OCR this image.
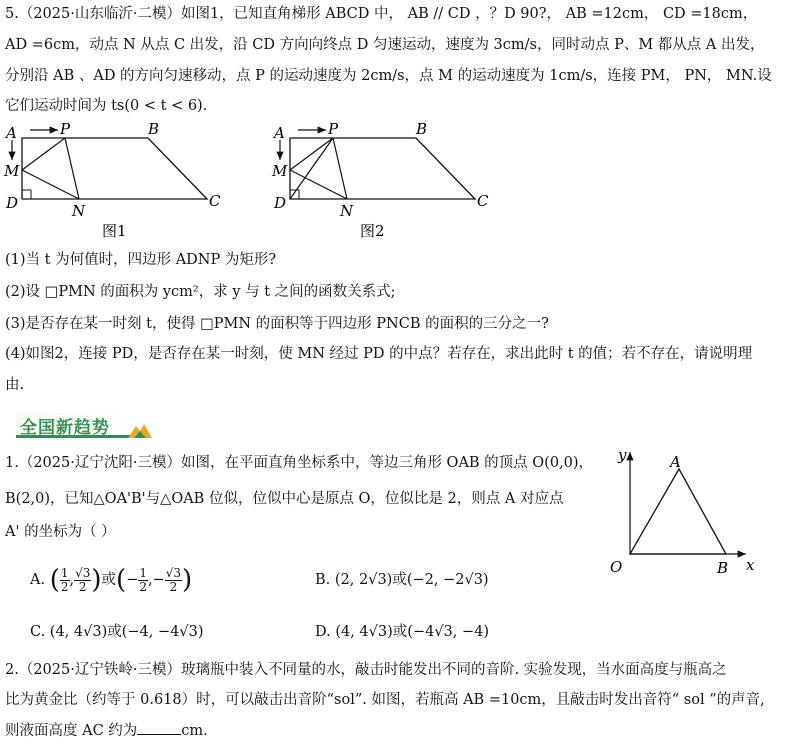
5.（2025·山东临沂·二模）如图1，已知直角梯形 ABCD 中， AB // CD ，？D 90?， AB =12cm， CD =18cm，
AD =6cm，动点 N 从点 C 出发，沿 CD 方向向终点 D 匀速运动，速度为 3cm/s，同时动点 P、M 都从点 A 出发，
分别沿 AB 、AD 的方向匀速移动，点 P 的运动速度为 2cm/s，点 M 的运动速度为 1cm/s，连接 PM， PN， MN.设
它们运动时间为 ts(0 < t < 6)．
A	P	B
M
D	N
C
图1
A	P	B
M
D	N
C
图2
(1)当 t 为何值时，四边形 ADNP 为矩形?
(2)设 □PMN 的面积为 ycm²，求 y 与 t 之间的函数关系式;
(3)是否存在某一时刻 t，使得 □PMN 的面积等于四边形 PNCB 的面积的三分之一?
(4)如图2，连接 PD，是否存在某一时刻，使 MN 经过 PD 的中点？若存在，求出此时 t 的值；若不存在，请说明理
由.
全国新趋势
1.（2025·辽宁沈阳·三模）如图，在平面直角坐标系中，等边三角形 OAB 的顶点 O(0,0)，
B(2,0)，已知△OA'B'与△OAB 位似，位似中心是原点 O，位似比是 2，则点 A 对应点
A' 的坐标为（ ）
A. ( $\frac{1}{2}$ , $\frac{√3}{2}$ )或(− $\frac{1}{2}$ ,− $\frac{√3}{2}$ )	B. (2, 2√3)或(−2, −2√3)
C. (4, 4√3)或(−4, −4√3)	D. (4, 4√3)或(−4√3, −4)
y	A
O	B x
2.（2025·辽宁铁岭·三模）玻璃瓶中装入不同量的水，敲击时能发出不同的音阶. 实验发现，当水面高度与瓶高之
比为黄金比（约等于 0.618）时，可以敲击出音阶“sol”. 如图，若瓶高 AB =10cm，且敲击时发出音符“ sol ”的声音,
则液面高度 AC 约为	cm.
